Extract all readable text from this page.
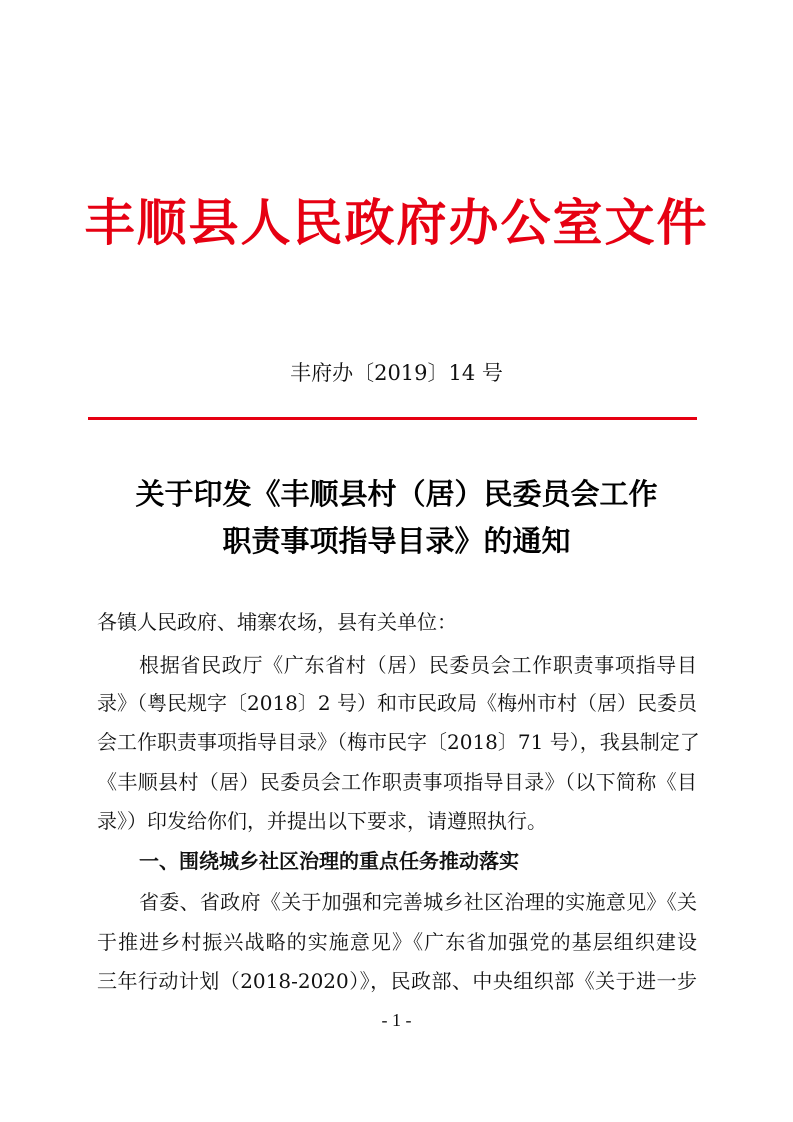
丰顺县人民政府办公室文件
丰府办〔2019〕14 号
关于印发《丰顺县村（居）民委员会工作
职责事项指导目录》的通知
各镇人民政府、埔寨农场，县有关单位：
根据省民政厅《广东省村（居）民委员会工作职责事项指导目
录》（粤民规字〔2018〕2 号）和市民政局《梅州市村（居）民委员
会工作职责事项指导目录》（梅市民字〔2018〕71 号），我县制定了
《丰顺县村（居）民委员会工作职责事项指导目录》（以下简称《目
录》）印发给你们，并提出以下要求，请遵照执行。
一、围绕城乡社区治理的重点任务推动落实
省委、省政府《关于加强和完善城乡社区治理的实施意见》《关
于推进乡村振兴战略的实施意见》《广东省加强党的基层组织建设
三年行动计划（2018-2020）》，民政部、中央组织部《关于进一步
- 1 -
